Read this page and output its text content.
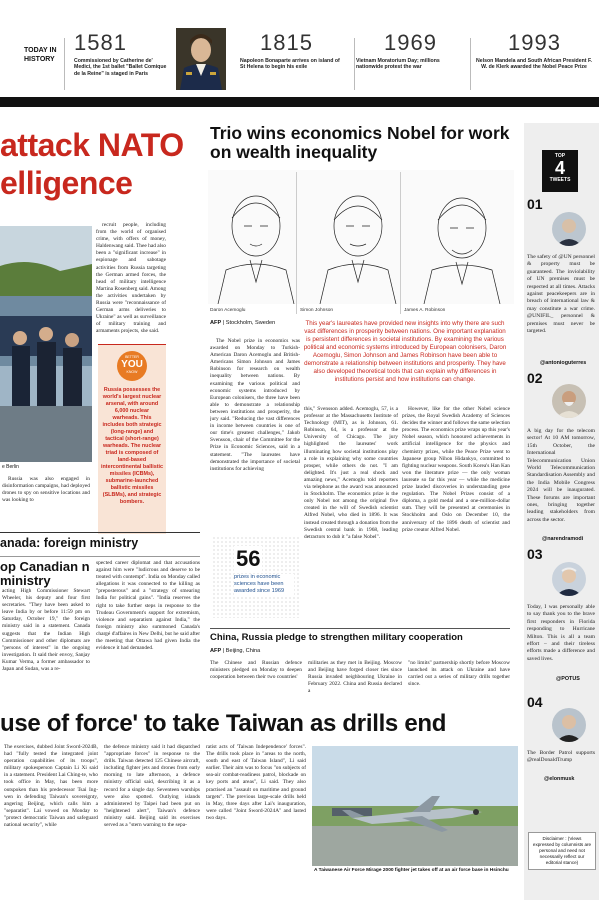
TODAY IN HISTORY
1581
Commissioned by Catherine de' Medici, the 1st ballet "Ballet Comique de la Reine" is staged in Paris
1815
Napoleon Bonaparte arrives on island of St Helena to begin his exile
1969
Vietnam Moratorium Day; millions nationwide protest the war
1993
Nelson Mandela and South African President F. W. de Klerk awarded the Nobel Peace Prize
attack NATO
elligence
e Berlin

Russia was also engaged in disinformation campaigns, had deployed drones to spy on sensitive locations and was looking to

recruit people, including from the world of organised crime, with offers of money, Haldenwang said. Thee had also been a "significant increase" in espionage and sabotage activities from Russia targeting the German armed forces, the head of military intelligence Martina Rosenberg said. Among the activities undertaken by Russia were "reconnaissance of German arms deliveries to Ukraine" as well as surveillance of military training and armaments projects, she said.

BETTER
YOU
KNOW
Russia possesses the world's largest nuclear arsenal, with around 6,000 nuclear warheads. This includes both strategic (long-range) and tactical (short-range) warheads. The nuclear triad is composed of land-based intercontinental ballistic missiles (ICBMs), submarine-launched ballistic missiles (SLBMs), and strategic bombers.
anada: foreign ministry
op Canadian n ministry

acting High Commissioner Stewart Wheeler, his deputy and four first secretaries. "They have been asked to leave India by or before 11:59 pm on Saturday, October 19," the foreign ministry said in a statement. Canada suggests that the Indian High Commissioner and other diplomats are "persons of interest" in the ongoing investigation. It said their envoy, Sanjay Kumar Verma, a former ambassador to Japan and Sudan, was a re-

spected career diplomat and that accusations against him were "ludicrous and deserve to be treated with contempt". India on Monday called allegations it was connected to the killing as "preposterous" and a "strategy of smearing India for political gains". "India reserves the right to take further steps in response to the Trudeau Government's support for extremism, violence and separatism against India," the foreign ministry also summoned Canada's chargé d'affaires in New Delhi, but he said after the meeting that Ottawa had given India the evidence it had demanded.

Trio wins economics Nobel for work on wealth inequality
Daron Acemoglu	Simon Johnson	James A. Robinson
AFP | Stockholm, Sweden	This year's laureates have provided new insights into why there are such vast differences in prosperity between nations. One important explanation is persistent differences in societal institutions. By examining the various political and economic systems introduced by European colonisers, Daron Acemoglu, Simon Johnson and James Robinson have been able to demonstrate a relationship between institutions and prosperity. They have also developed theoretical tools that can explain why differences in institutions persist and how institutions can change.

The Nobel prize in economics was awarded on Monday to Turkish-American Daron Acemoglu and British-Americans Simon Johnson and James Robinson for research on wealth inequality between nations. By examining the various political and economic systems introduced by European colonisers, the three have been able to demonstrate a relationship between institutions and prosperity, the jury said. "Reducing the vast differences in income between countries is one of our time's greatest challenges," Jakob Svensson, chair of the Committee for the Prize in Economic Sciences, said in a statement. "The laureates have demonstrated the importance of societal institutions for achieving

this," Svensson added. Acemoglu, 57, is a professor at the Massachusetts Institute of Technology (MIT), as is Johnson, 61. Robinson, 64, is a professor at the University of Chicago. The jury highlighted the laureates' work illuminating how societal institutions play a role in explaining why some countries prosper, while others do not. "I am delighted. It's just a real shock and amazing news," Acemoglu told reporters via telephone as the award was announced in Stockholm. The economics prize is the only Nobel not among the original five created in the will of Swedish scientist Alfred Nobel, who died in 1896. It was instead created through a donation from the Swedish central bank in 1968, leading detractors to dub it "a false Nobel".

However, like for the other Nobel science prizes, the Royal Swedish Academy of Sciences decides the winner and follows the same selection process. The economics prize wraps up this year's Nobel season, which honoured achievements in artificial intelligence for the physics and chemistry prizes, while the Peace Prize went to Japanese group Nihon Hidankyo, committed to fighting nuclear weapons. South Korea's Han Kan won the literature prize — the only woman laureate so far this year — while the medicine prize lauded discoveries in understanding gene regulation. The Nobel Prizes consist of a diploma, a gold medal and a one-million-dollar sum. They will be presented at ceremonies in Stockholm and Oslo on December 10, the anniversary of the 1896 death of scientist and prize creator Alfred Nobel.

56
prizes in economic sciences have been awarded since 1969
China, Russia pledge to strengthen military cooperation
AFP | Beijing, China

The Chinese and Russian defence ministers pledged on Monday to deepen cooperation between their two countries'

militaries as they met in Beijing. Moscow and Beijing have forged closer ties since Russia invaded neighbouring Ukraine in February 2022. China and Russia declared a

"no limits" partnership shortly before Moscow launched its attack on Ukraine and have carried out a series of military drills together since.

use of force' to take Taiwan as drills end

The exercises, dubbed Joint Sword-2024B, had "fully tested the integrated joint operation capabilities of its troops", military spokesperson Captain Li Xi said in a statement. President Lai Ching-te, who took office in May, has been more outspoken than his predecessor Tsai Ing-wen in defending Taiwan's sovereignty, angering Beijing, which calls him a "separatist". Lai vowed on Monday to "protect democratic Taiwan and safeguard national security", while

the defence ministry said it had dispatched "appropriate forces" in response to the drills. Taiwan detected 125 Chinese aircraft, including fighter jets and drones from early morning to late afternoon, a defence ministry official said, describing it as a record for a single day. Seventeen warships were also spotted. Outlying islands administered by Taipei had been put on "heightened alert", Taiwan's defence ministry said. Beijing said its exercises served as a "stern warning to the sepa-

ratist acts of 'Taiwan Independence' forces". The drills took place in "areas to the north, south and east of Taiwan Island", Li said earlier. Their aim was to focus "on subjects of sea-air combat-readiness patrol, blockade on key ports and areas", Li said. They also practised an "assault on maritime and ground targets". The previous large-scale drills held in May, three days after Lai's inauguration, were called "Joint Sword-2024A" and lasted two days.

A Taiwanese Air Force Mirage 2000 fighter jet takes off at an air force base in Hsinchu
TOP
4
TWEETS
01
The safety of @UN personnel & property must be guaranteed. The inviolability of UN premises must be respected at all times. Attacks against peacekeepers are in breach of international law & may constitute a war crime. @UNIFIL_ personnel & premises must never be targeted.
@antonioguterres
02
A big day for the telecom sector! At 10 AM tomorrow, 15th October, the International Telecommunication Union World Telecommunication Standardisation Assembly and the India Mobile Congress 2024 will be inaugurated. These forums are important ones, bringing together leading stakeholders from across the sector.
@narendramodi
03
Today, I was personally able to say thank you to the brave first responders in Florida responding to Hurricane Milton. This is all a team effort – and their tireless efforts made a difference and saved lives.
@POTUS
04
The Border Patrol supports @realDonaldTrump
@elonmusk
Disclaimer : (Views expressed by columnists are personal and need not necessarily reflect our editorial stance)
